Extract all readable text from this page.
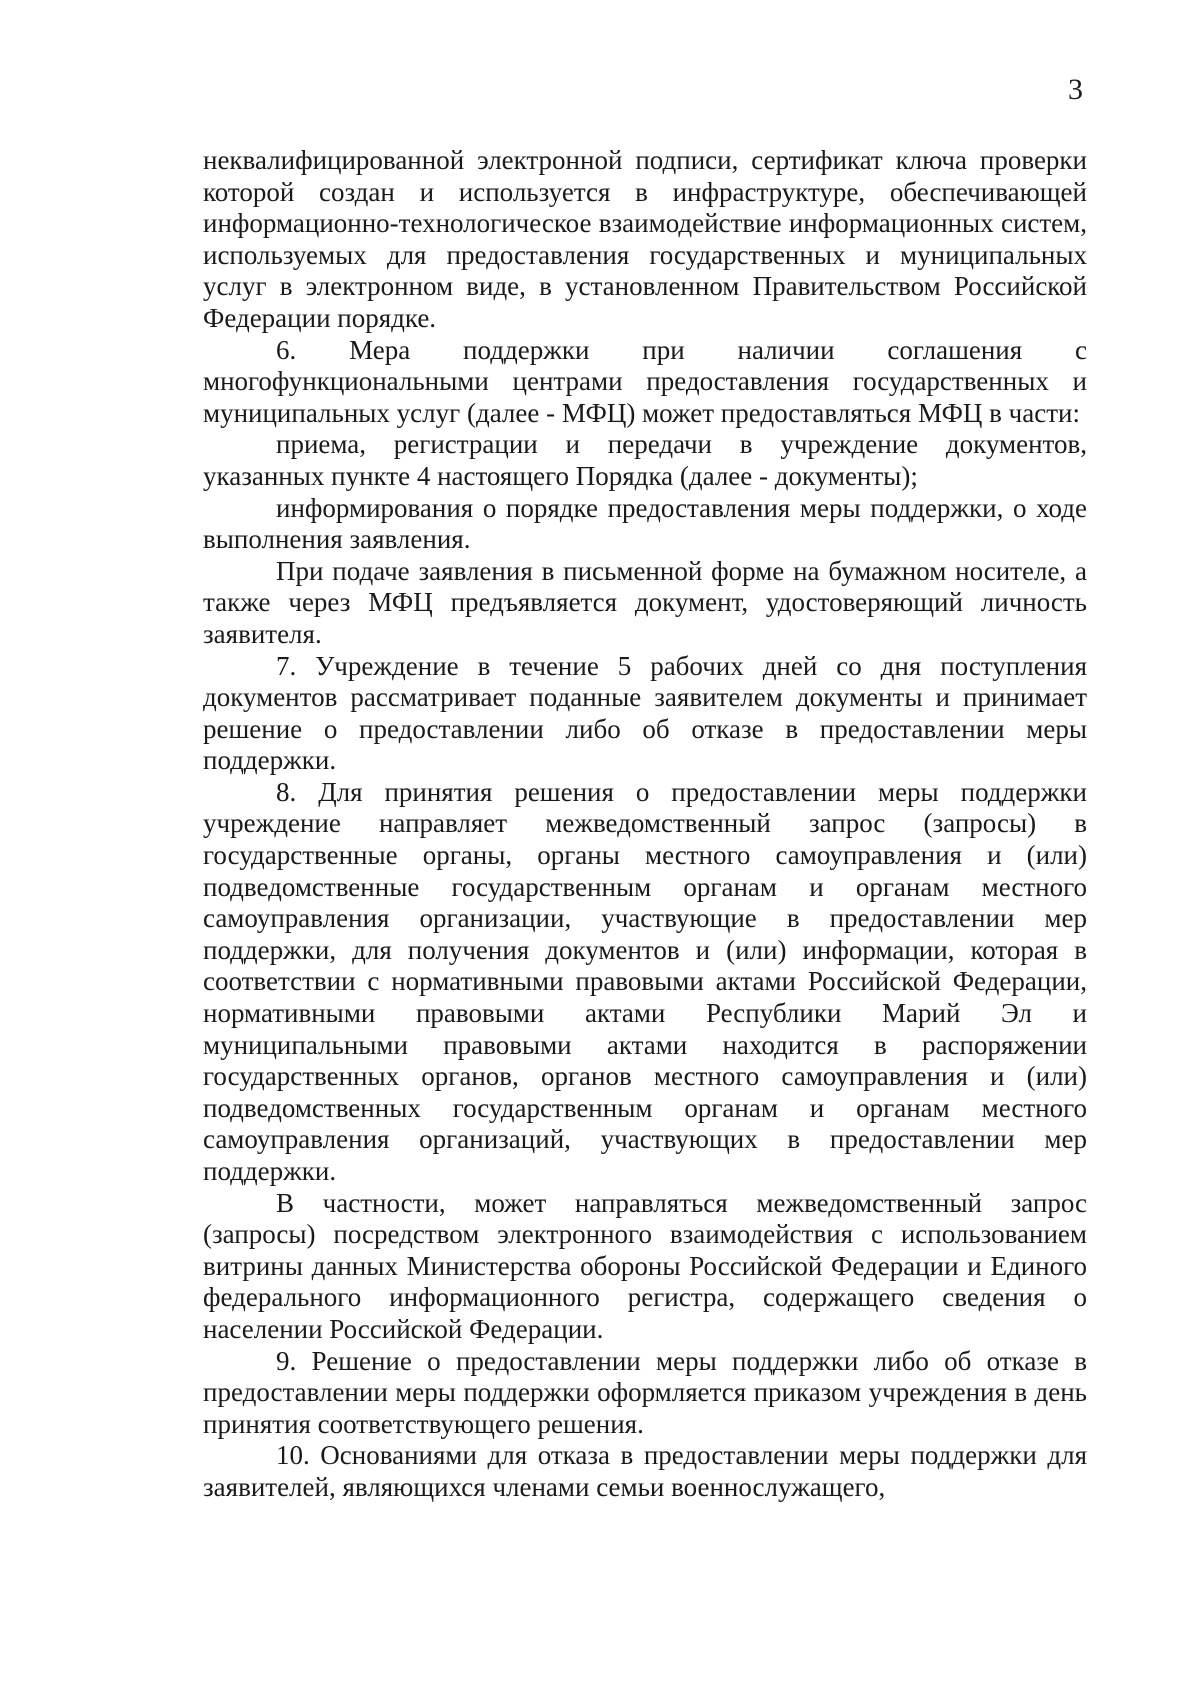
3

неквалифицированной электронной подписи, сертификат ключа проверки которой создан и используется в инфраструктуре, обеспечивающей информационно-технологическое взаимодействие информационных систем, используемых для предоставления государственных и муниципальных услуг в электронном виде, в установленном Правительством Российской Федерации порядке.

6. Мера поддержки при наличии соглашения с многофункциональными центрами предоставления государственных и муниципальных услуг (далее - МФЦ) может предоставляться МФЦ в части:

приема, регистрации и передачи в учреждение документов, указанных пункте 4 настоящего Порядка (далее - документы);

информирования о порядке предоставления меры поддержки, о ходе выполнения заявления.

При подаче заявления в письменной форме на бумажном носителе, а также через МФЦ предъявляется документ, удостоверяющий личность заявителя.

7. Учреждение в течение 5 рабочих дней со дня поступления документов рассматривает поданные заявителем документы и принимает решение о предоставлении либо об отказе в предоставлении меры поддержки.

8. Для принятия решения о предоставлении меры поддержки учреждение направляет межведомственный запрос (запросы) в государственные органы, органы местного самоуправления и (или) подведомственные государственным органам и органам местного самоуправления организации, участвующие в предоставлении мер поддержки, для получения документов и (или) информации, которая в соответствии с нормативными правовыми актами Российской Федерации, нормативными правовыми актами Республики Марий Эл и муниципальными правовыми актами находится в распоряжении государственных органов, органов местного самоуправления и (или) подведомственных государственным органам и органам местного самоуправления организаций, участвующих в предоставлении мер поддержки.

В частности, может направляться межведомственный запрос (запросы) посредством электронного взаимодействия с использованием витрины данных Министерства обороны Российской Федерации и Единого федерального информационного регистра, содержащего сведения о населении Российской Федерации.

9. Решение о предоставлении меры поддержки либо об отказе в предоставлении меры поддержки оформляется приказом учреждения в день принятия соответствующего решения.

10. Основаниями для отказа в предоставлении меры поддержки для заявителей, являющихся членами семьи военнослужащего,
